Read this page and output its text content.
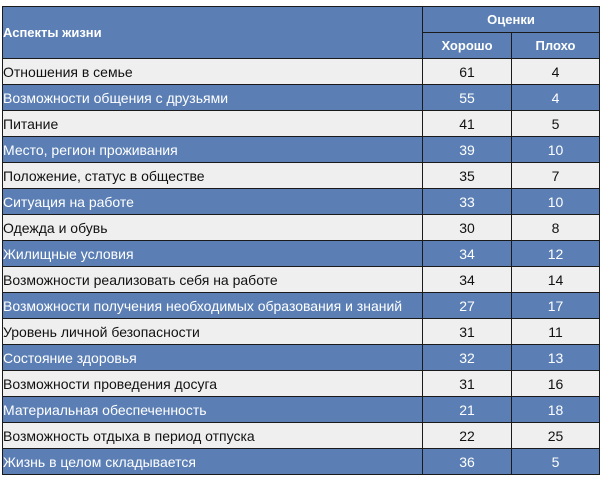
Аспекты жизни	Оценки	
	Хорошо	Плохо
Отношения в семье	61	4
Возможности общения с друзьями	55	4
Питание	41	5
Место, регион проживания	39	10
Положение, статус в обществе	35	7
Ситуация на работе	33	10
Одежда и обувь	30	8
Жилищные условия	34	12
Возможности реализовать себя на работе	34	14
Возможности получения необходимых образования и знаний	27	17
Уровень личной безопасности	31	11
Состояние здоровья	32	13
Возможности проведения досуга	31	16
Материальная обеспеченность	21	18
Возможность отдыха в период отпуска	22	25
Жизнь в целом складывается	36	5
